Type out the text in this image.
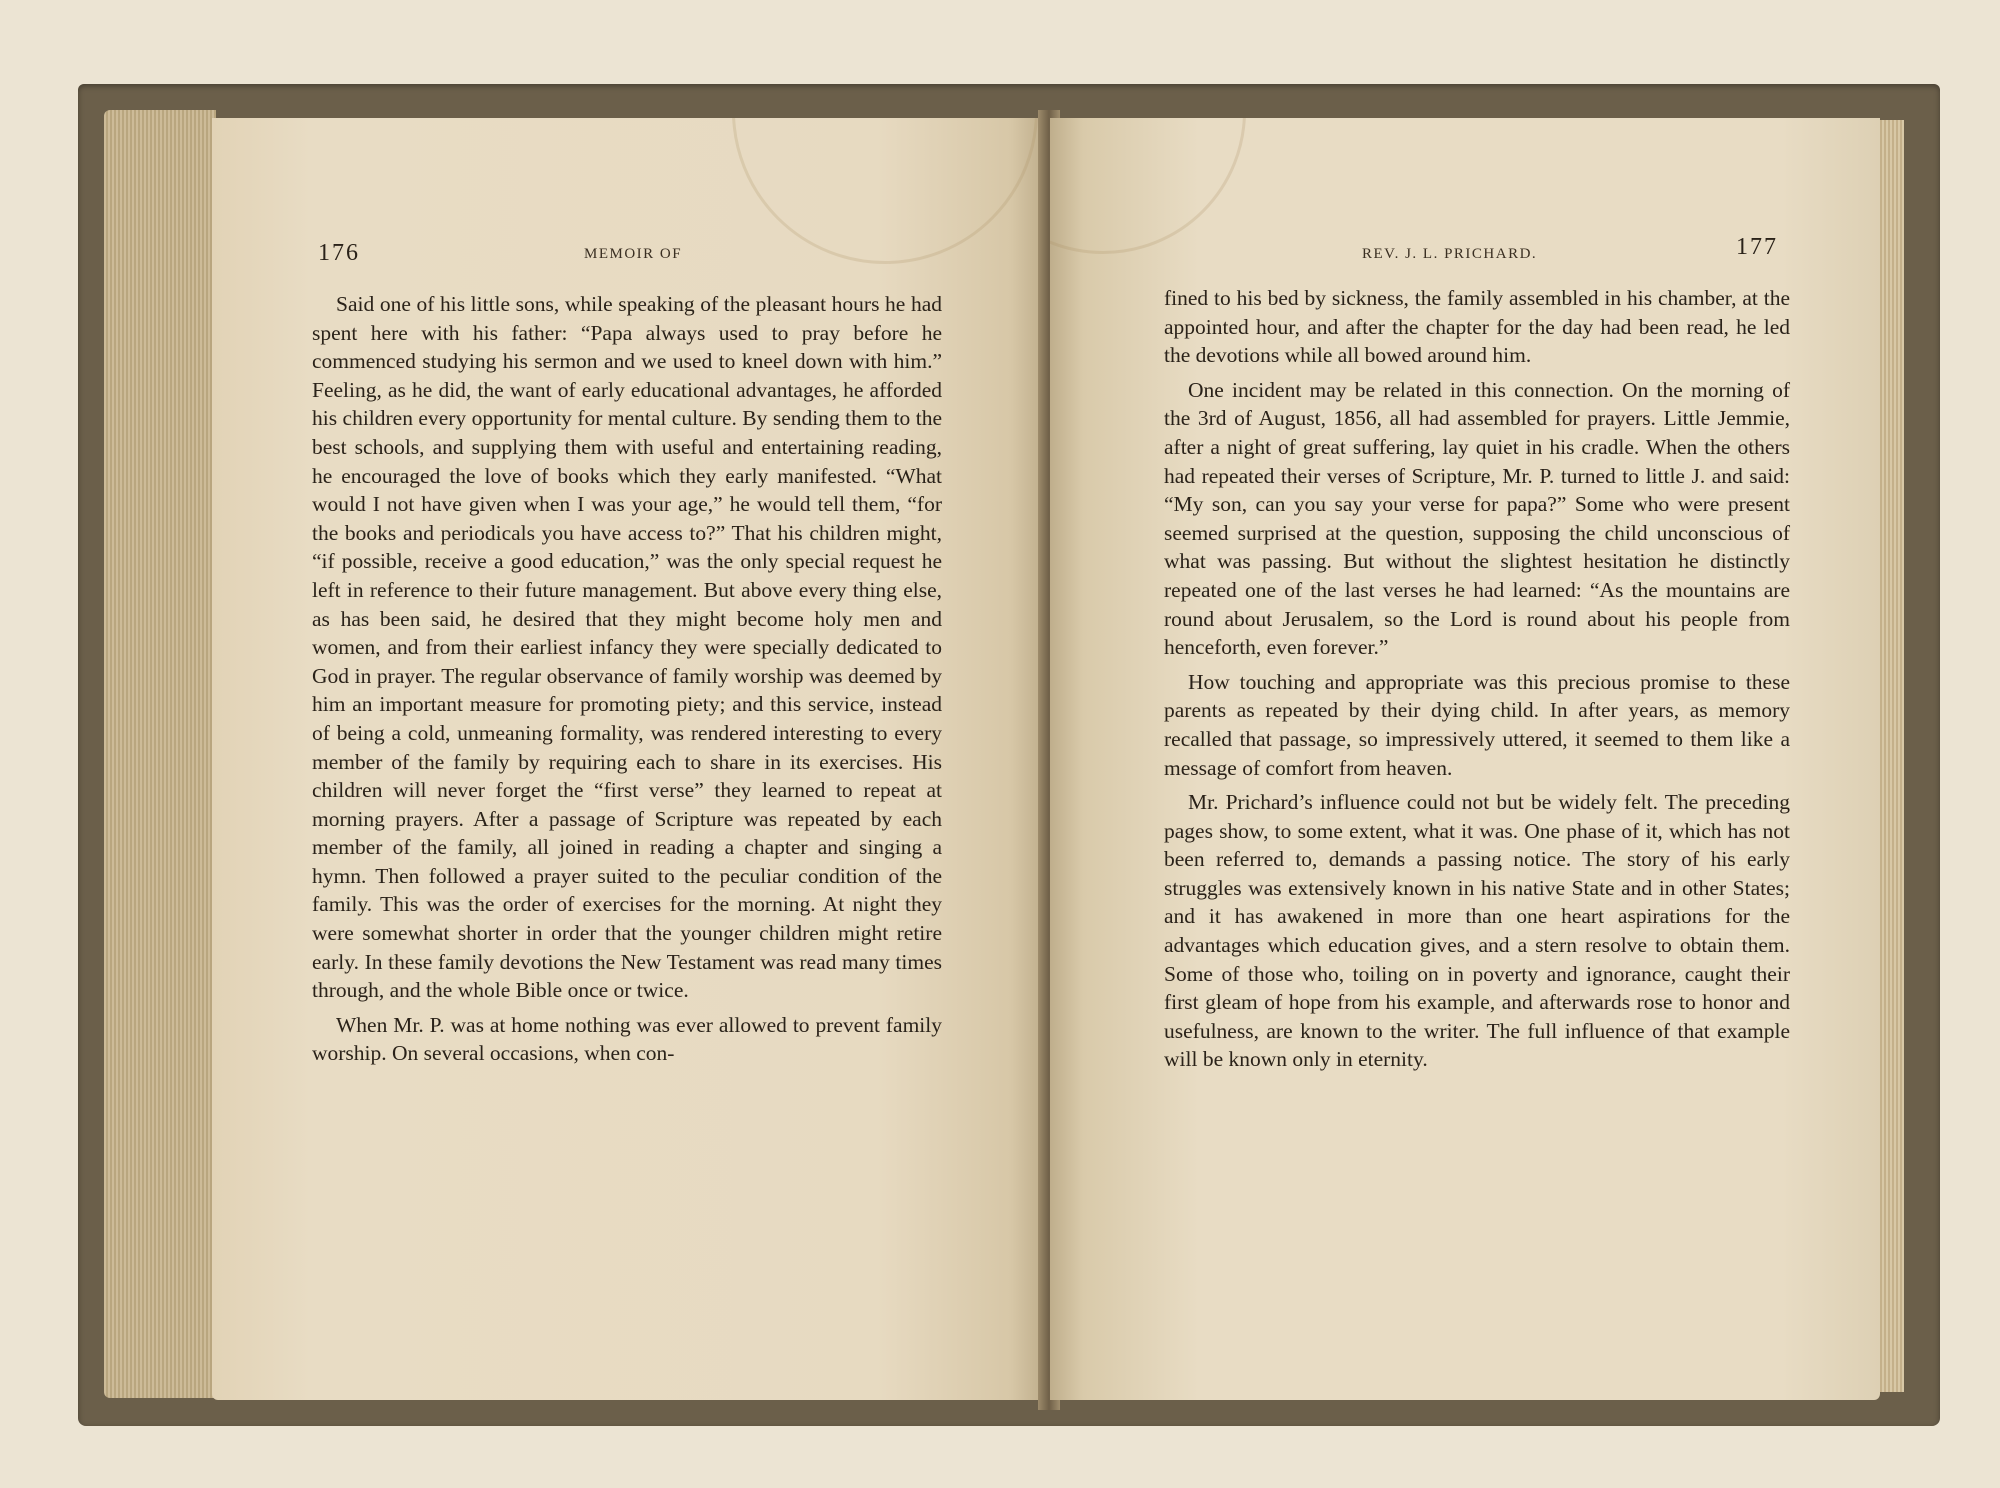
176	MEMOIR OF

Said one of his little sons, while speaking of the pleasant hours he had spent here with his father: “Papa always used to pray before he commenced studying his sermon and we used to kneel down with him.” Feeling, as he did, the want of early educational advantages, he afforded his children every opportunity for mental culture. By sending them to the best schools, and supplying them with useful and entertaining reading, he encouraged the love of books which they early manifested. “What would I not have given when I was your age,” he would tell them, “for the books and periodicals you have access to?” That his children might, “if possible, receive a good education,” was the only special request he left in reference to their future management. But above every thing else, as has been said, he desired that they might become holy men and women, and from their earliest infancy they were specially dedicated to God in prayer. The regular observance of family worship was deemed by him an important measure for promoting piety; and this service, instead of being a cold, unmeaning formality, was rendered interesting to every member of the family by requiring each to share in its exercises. His children will never forget the “first verse” they learned to repeat at morning prayers. After a passage of Scripture was repeated by each member of the family, all joined in reading a chapter and singing a hymn. Then followed a prayer suited to the peculiar condition of the family. This was the order of exercises for the morning. At night they were somewhat shorter in order that the younger children might retire early. In these family devotions the New Testament was read many times through, and the whole Bible once or twice.

When Mr. P. was at home nothing was ever allowed to prevent family worship. On several occasions, when con-

REV. J. L. PRICHARD.	177

fined to his bed by sickness, the family assembled in his chamber, at the appointed hour, and after the chapter for the day had been read, he led the devotions while all bowed around him.

One incident may be related in this connection. On the morning of the 3rd of August, 1856, all had assembled for prayers. Little Jemmie, after a night of great suffering, lay quiet in his cradle. When the others had repeated their verses of Scripture, Mr. P. turned to little J. and said: “My son, can you say your verse for papa?” Some who were present seemed surprised at the question, supposing the child unconscious of what was passing. But without the slightest hesitation he distinctly repeated one of the last verses he had learned: “As the mountains are round about Jerusalem, so the Lord is round about his people from henceforth, even forever.”

How touching and appropriate was this precious promise to these parents as repeated by their dying child. In after years, as memory recalled that passage, so impressively uttered, it seemed to them like a message of comfort from heaven.

Mr. Prichard’s influence could not but be widely felt. The preceding pages show, to some extent, what it was. One phase of it, which has not been referred to, demands a passing notice. The story of his early struggles was extensively known in his native State and in other States; and it has awakened in more than one heart aspirations for the advantages which education gives, and a stern resolve to obtain them. Some of those who, toiling on in poverty and ignorance, caught their first gleam of hope from his example, and afterwards rose to honor and usefulness, are known to the writer. The full influence of that example will be known only in eternity.
